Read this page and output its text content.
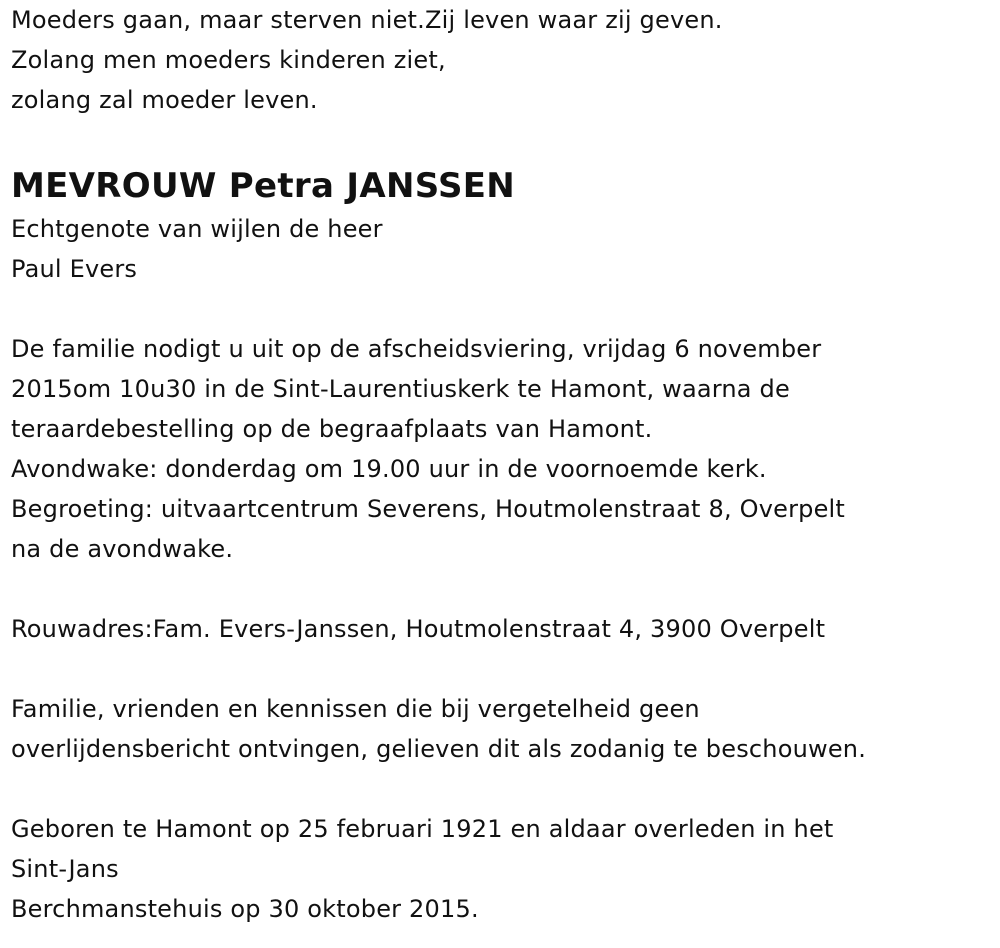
Moeders gaan, maar sterven niet.Zij leven waar zij geven.
Zolang men moeders kinderen ziet,
zolang zal moeder leven.
MEVROUW Petra JANSSEN
Echtgenote van wijlen de heer
Paul Evers
De familie nodigt u uit op de afscheidsviering, vrijdag 6 november
2015om 10u30 in de Sint-Laurentiuskerk te Hamont, waarna de
teraardebestelling op de begraafplaats van Hamont.
Avondwake: donderdag om 19.00 uur in de voornoemde kerk.
Begroeting: uitvaartcentrum Severens, Houtmolenstraat 8, Overpelt
na de avondwake.
Rouwadres:Fam. Evers-Janssen, Houtmolenstraat 4, 3900 Overpelt
Familie, vrienden en kennissen die bij vergetelheid geen
overlijdensbericht ontvingen, gelieven dit als zodanig te beschouwen.
Geboren te Hamont op 25 februari 1921 en aldaar overleden in het
Sint-Jans
Berchmanstehuis op 30 oktober 2015.
